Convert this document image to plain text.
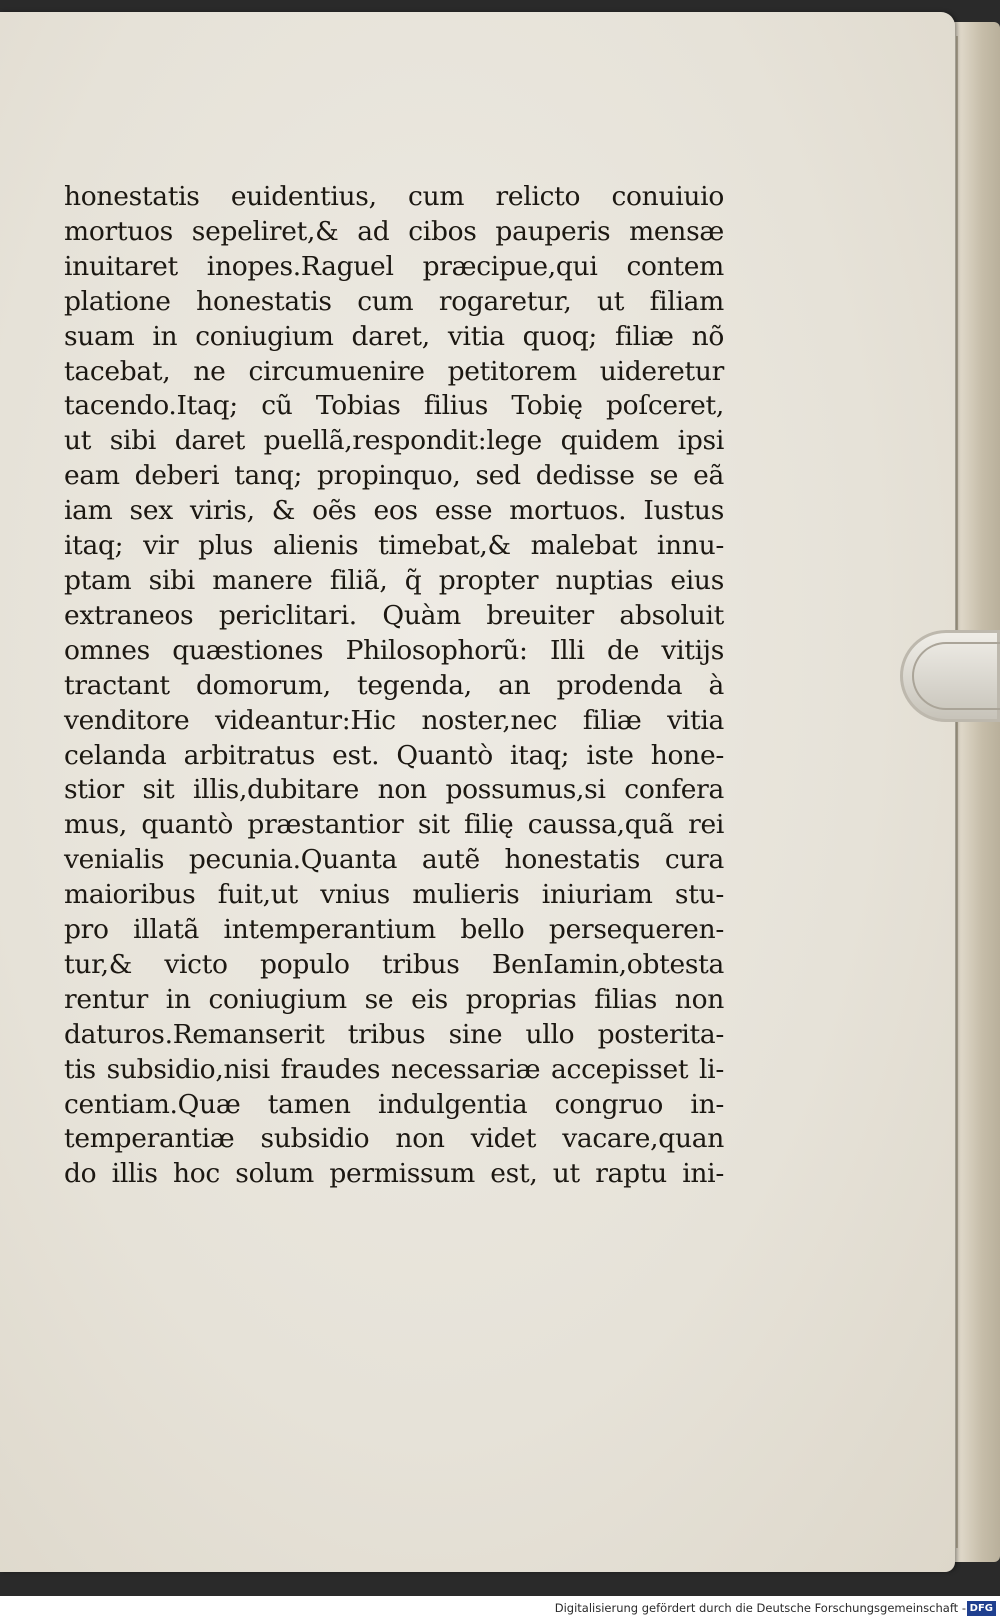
honestatis euidentius, cum relicto conuiuio
mortuos sepeliret,& ad cibos pauperis mensæ
inuitaret inopes.Raguel præcipue,qui contem
platione honestatis cum rogaretur, ut filiam
suam in coniugium daret, vitia quoq; filiæ nõ
tacebat, ne circumuenire petitorem uideretur
tacendo.Itaq; cũ Tobias filius Tobię poſceret,
ut sibi daret puellã,respondit:lege quidem ipsi
eam deberi tanq; propinquo, sed dedisse se eã
iam sex viris, & oẽs eos esse mortuos. Iustus
itaq; vir plus alienis timebat,& malebat innu-
ptam sibi manere filiã, q̃ propter nuptias eius
extraneos periclitari. Quàm breuiter absoluit
omnes quæstiones Philosophorũ: Illi de vitijs
tractant domorum, tegenda, an prodenda à
venditore videantur:Hic noster,nec filiæ vitia
celanda arbitratus est. Quantò itaq; iste hone-
stior sit illis,dubitare non possumus,si confera
mus, quantò præstantior sit filię caussa,quã rei
venialis pecunia.Quanta autẽ honestatis cura
maioribus fuit,ut vnius mulieris iniuriam stu-
pro illatã intemperantium bello persequeren-
tur,& victo populo tribus BenIamin,obtesta
rentur in coniugium se eis proprias filias non
daturos.Remanserit tribus sine ullo posterita-
tis subsidio,nisi fraudes necessariæ accepisset li-
centiam.Quæ tamen indulgentia congruo in-
temperantiæ subsidio non videt vacare,quan
do illis hoc solum permissum est, ut raptu ini-
Digitalisierung gefördert durch die Deutsche Forschungsgemeinschaft - DFG
